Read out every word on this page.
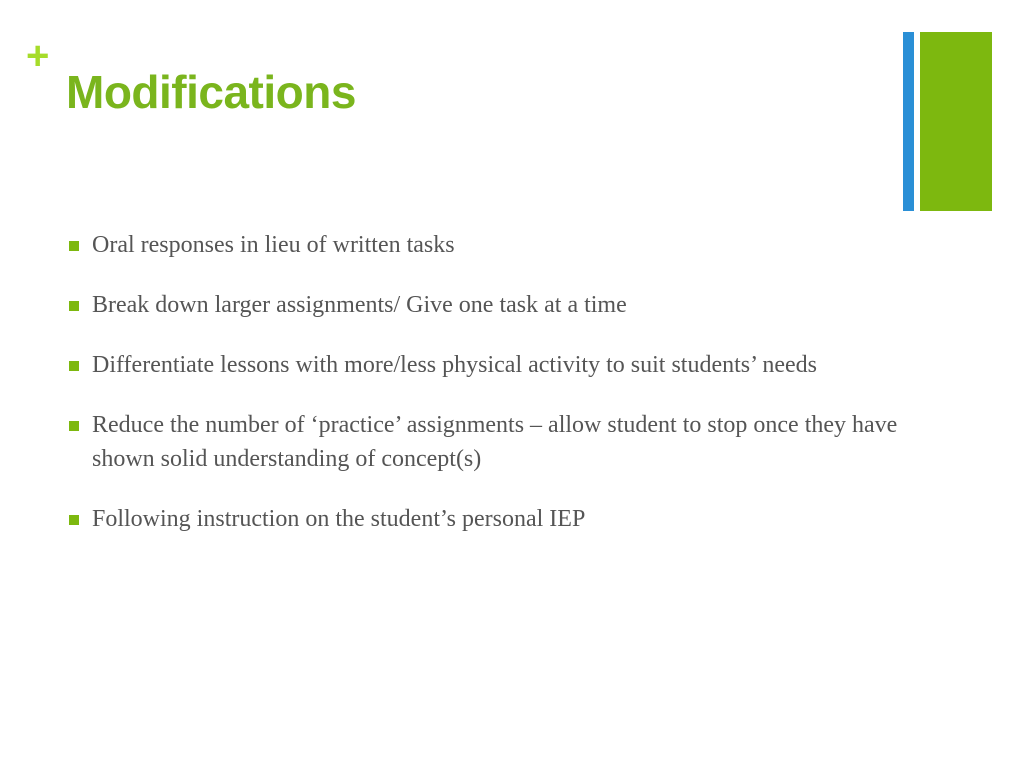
+
Modifications
Oral responses in lieu of written tasks
Break down larger assignments/ Give one task at a time
Differentiate lessons with more/less physical activity to suit students’ needs
Reduce the number of ‘practice’ assignments – allow student to stop once they have shown solid understanding of concept(s)
Following instruction on the student’s personal IEP
